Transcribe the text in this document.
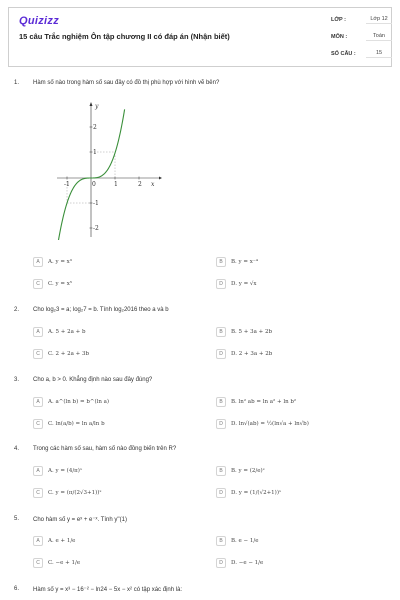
Quizizz
15 câu Trắc nghiệm Ôn tập chương II có đáp án (Nhận biết)
LỚP :	Lớp 12
MÔN :	Toán
SỐ CÂU :	15
1. Hàm số nào trong hàm số sau đây có đồ thị phù hợp với hình vẽ bên?
-1	0	1	2
2
1
-1
-2
x
y
A	A. y = x³	B	B. y = x⁻⁴
C	C. y = x⁵	D	D. y = √x
2. Cho log₂3 = a; log₂7 = b. Tính log₂2016 theo a và b
A	A. 5 + 2a + b	B	B. 5 + 3a + 2b
C	C. 2 + 2a + 3b	D	D. 2 + 3a + 2b
3. Cho a, b > 0. Khẳng định nào sau đây đúng?
A	A. a^(ln b) = b^(ln a)	B	B. ln² ab = ln a² + ln b²
C	C. ln(a/b) = ln a/ln b	D	D. ln√(ab) = ½(ln√a + ln√b)
4. Trong các hàm số sau, hàm số nào đồng biến trên R?
A	A. y = (4/π)ˣ	B	B. y = (2/e)ˣ
C	C. y = (π/(2√3+1))ˣ	D	D. y = (1/(√2+1))ˣ
5. Cho hàm số y = eˣ + e⁻ˣ. Tính y''(1)
A	A. e + 1/e	B	B. e − 1/e
C	C. −e + 1/e	D	D. −e − 1/e
6. Hàm số y = x³ − 16⁻² − ln24 − 5x − x² có tập xác định là:
